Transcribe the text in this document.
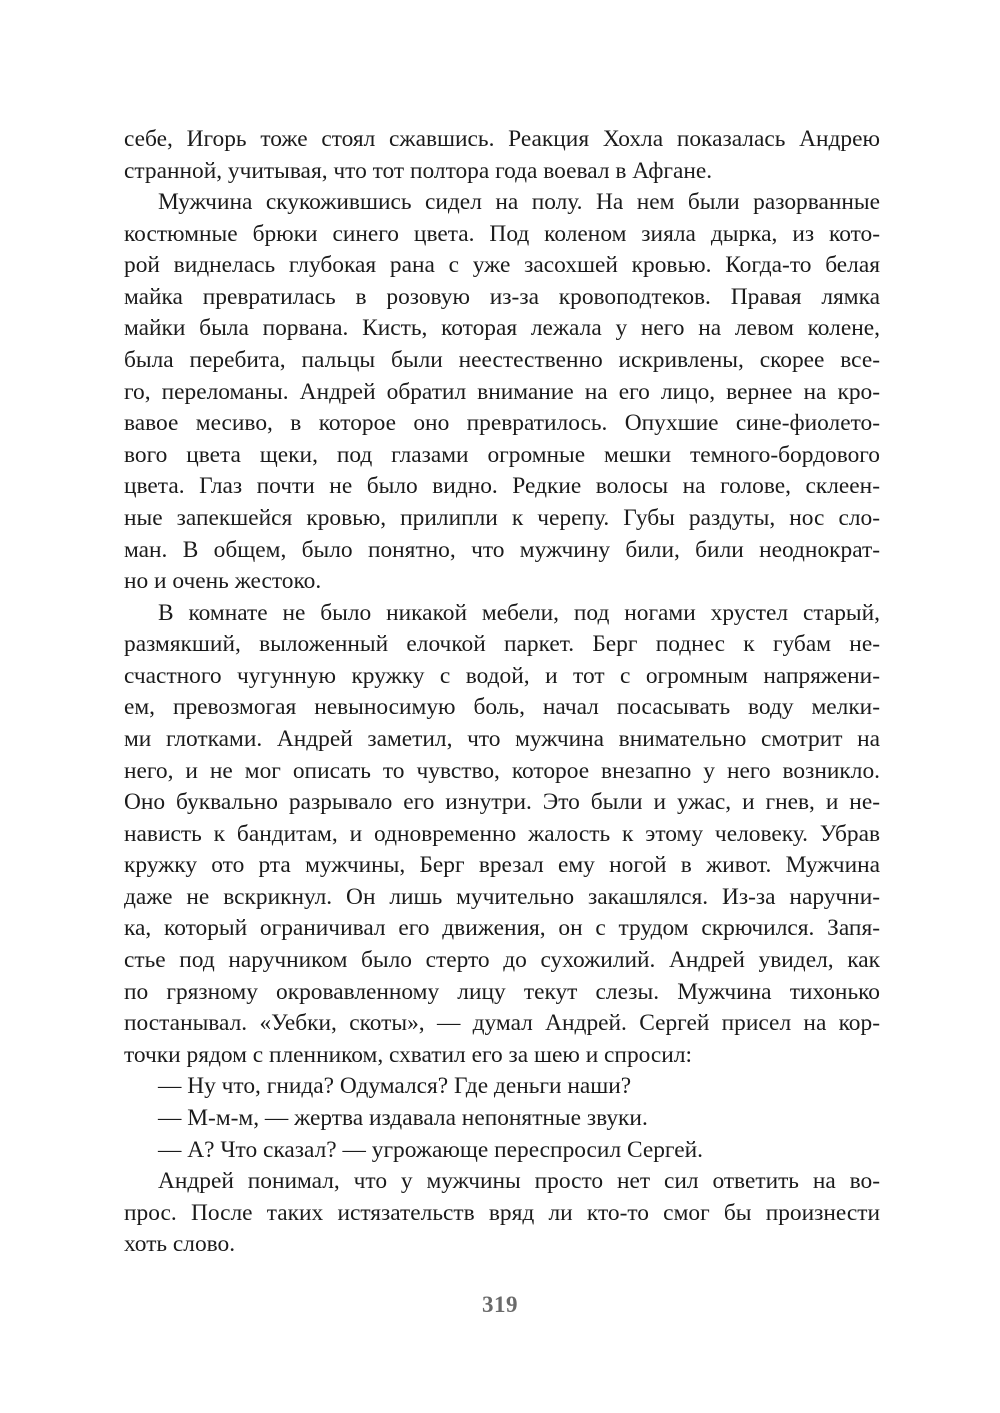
себе, Игорь тоже стоял сжавшись. Реакция Хохла показалась Андрею
странной, учитывая, что тот полтора года воевал в Афгане.
Мужчина скукожившись сидел на полу. На нем были разорванные
костюмные брюки синего цвета. Под коленом зияла дырка, из кото-
рой виднелась глубокая рана с уже засохшей кровью. Когда-то белая
майка превратилась в розовую из-за кровоподтеков. Правая лямка
майки была порвана. Кисть, которая лежала у него на левом колене,
была перебита, пальцы были неестественно искривлены, скорее все-
го, переломаны. Андрей обратил внимание на его лицо, вернее на кро-
вавое месиво, в которое оно превратилось. Опухшие сине-фиолето-
вого цвета щеки, под глазами огромные мешки темного-бордового
цвета. Глаз почти не было видно. Редкие волосы на голове, склеен-
ные запекшейся кровью, прилипли к черепу. Губы раздуты, нос сло-
ман. В общем, было понятно, что мужчину били, били неоднократ-
но и очень жестоко.
В комнате не было никакой мебели, под ногами хрустел старый,
размякший, выложенный елочкой паркет. Берг поднес к губам не-
счастного чугунную кружку с водой, и тот с огромным напряжени-
ем, превозмогая невыносимую боль, начал посасывать воду мелки-
ми глотками. Андрей заметил, что мужчина внимательно смотрит на
него, и не мог описать то чувство, которое внезапно у него возникло.
Оно буквально разрывало его изнутри. Это были и ужас, и гнев, и не-
нависть к бандитам, и одновременно жалость к этому человеку. Убрав
кружку ото рта мужчины, Берг врезал ему ногой в живот. Мужчина
даже не вскрикнул. Он лишь мучительно закашлялся. Из-за наручни-
ка, который ограничивал его движения, он с трудом скрючился. Запя-
стье под наручником было стерто до сухожилий. Андрей увидел, как
по грязному окровавленному лицу текут слезы. Мужчина тихонько
постанывал. «Уебки, скоты», — думал Андрей. Сергей присел на кор-
точки рядом с пленником, схватил его за шею и спросил:
— Ну что, гнида? Одумался? Где деньги наши?
— М-м-м, — жертва издавала непонятные звуки.
— А? Что сказал? — угрожающе переспросил Сергей.
Андрей понимал, что у мужчины просто нет сил ответить на во-
прос. После таких истязательств вряд ли кто-то смог бы произнести
хоть слово.
319
